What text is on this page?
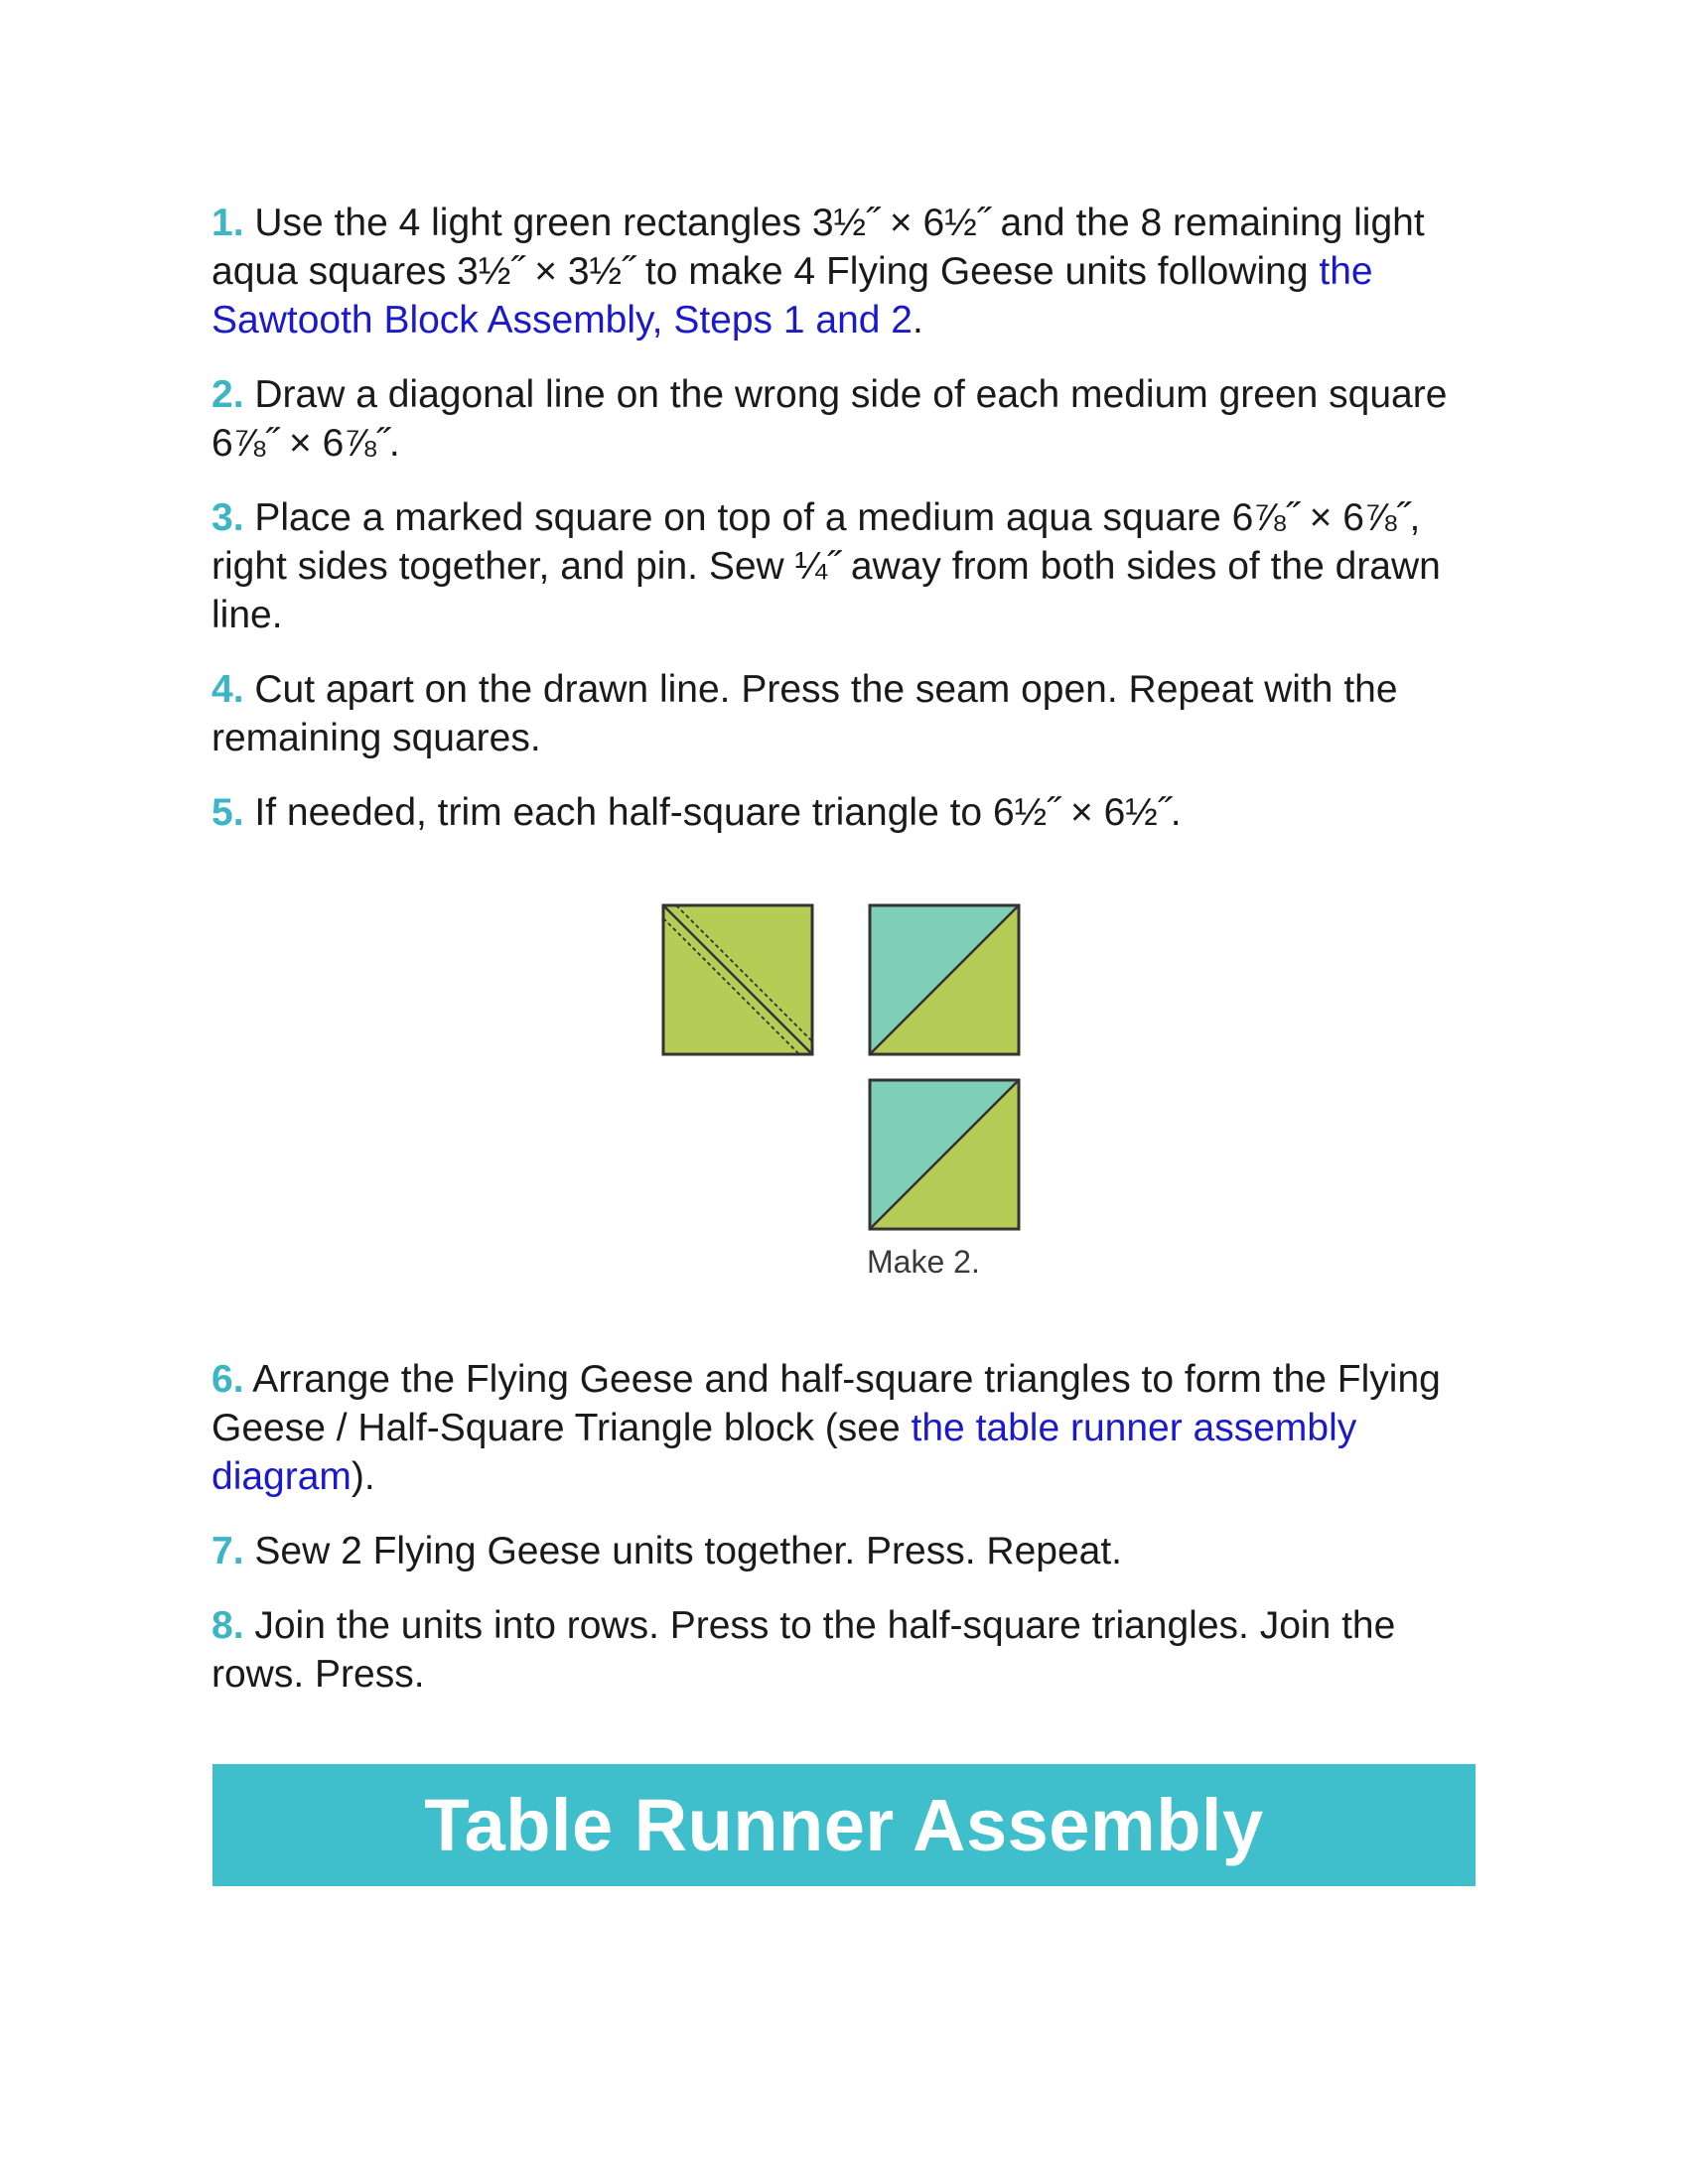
1. Use the 4 light green rectangles 3½˝ × 6½˝ and the 8 remaining light aqua squares 3½˝ × 3½˝ to make 4 Flying Geese units following the Sawtooth Block Assembly, Steps 1 and 2.

2. Draw a diagonal line on the wrong side of each medium green square 6⅞˝ × 6⅞˝.

3. Place a marked square on top of a medium aqua square 6⅞˝ × 6⅞˝, right sides together, and pin. Sew ¼˝ away from both sides of the drawn line.

4. Cut apart on the drawn line. Press the seam open. Repeat with the remaining squares.

5. If needed, trim each half-square triangle to 6½˝ × 6½˝.

Make 2.

6. Arrange the Flying Geese and half-square triangles to form the Flying Geese / Half-Square Triangle block (see the table runner assembly diagram).

7. Sew 2 Flying Geese units together. Press. Repeat.

8. Join the units into rows. Press to the half-square triangles. Join the rows. Press.

Table Runner Assembly
